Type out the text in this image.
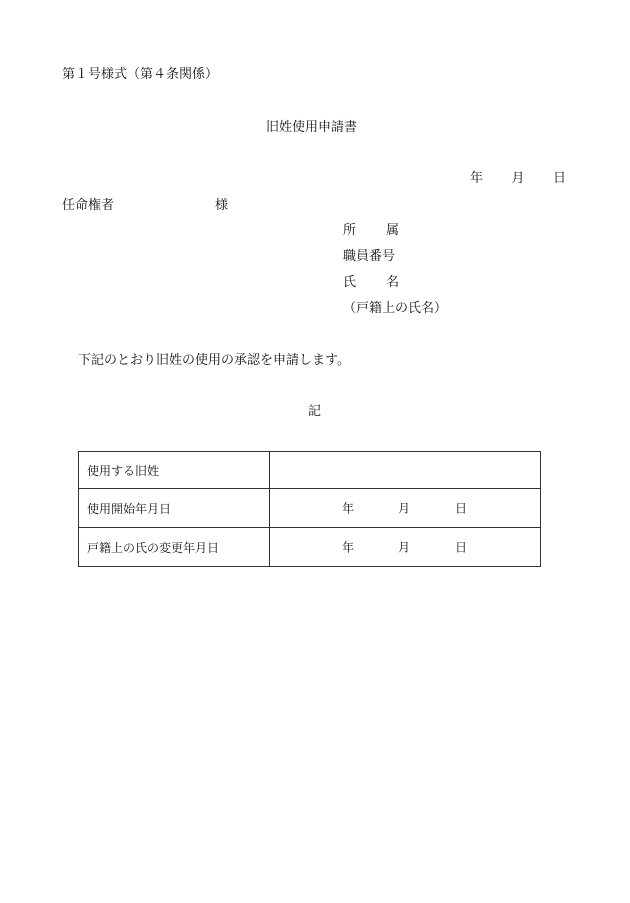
第１号様式（第４条関係）
旧姓使用申請書
年 月 日
任命権者	様
所 属
職員番号
氏 名
（戸籍上の氏名）
下記のとおり旧姓の使用の承認を申請します。
記
使用する旧姓	
使用開始年月日	年 月 日

戸籍上の氏の変更年月日	年 月 日
